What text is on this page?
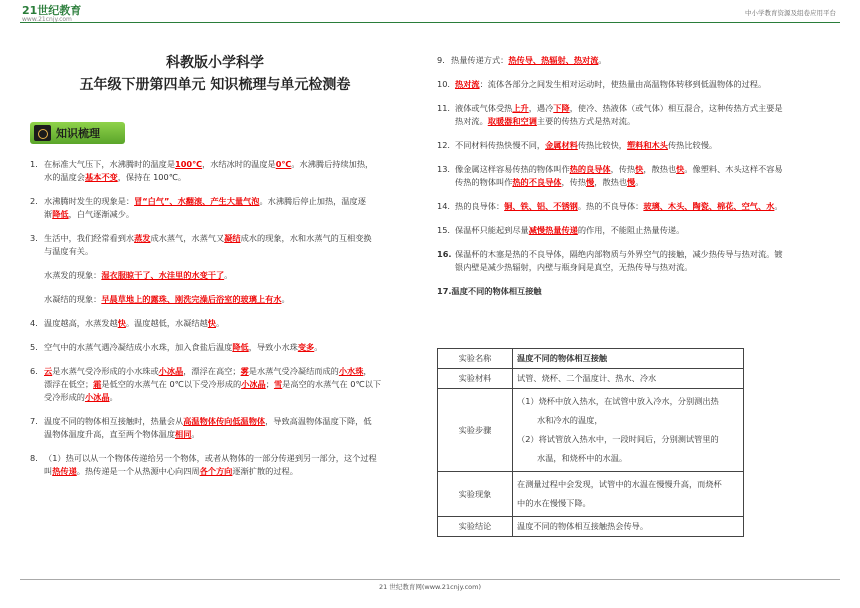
21世纪教育
www.21cnjy.com
中小学教育资源及组卷应用平台
科教版小学科学
五年级下册第四单元 知识梳理与单元检测卷
知识梳理

1. 在标准大气压下，水沸腾时的温度是100℃，水结冰时的温度是0℃。水沸腾后持续加热，

水的温度会基本不变，保持在 100℃。

2. 水沸腾时发生的现象是：冒“白气”、水翻滚、产生大量气泡。水沸腾后停止加热，温度逐

渐降低，白气逐渐减少。

3. 生活中，我们经常看到水蒸发成水蒸气，水蒸气又凝结成水的现象，水和水蒸气的互相变换

与温度有关。

水蒸发的现象：湿衣服晾干了、水洼里的水变干了。

水凝结的现象：早晨草地上的露珠、刚洗完澡后浴室的玻璃上有水。

4. 温度越高，水蒸发越快。温度越低，水凝结越快。

5. 空气中的水蒸气遇冷凝结成小水珠，加入食盐后温度降低，导致小水珠变多。

6. 云是水蒸气受冷形成的小水珠或小冰晶，漂浮在高空；雾是水蒸气受冷凝结而成的小水珠，

漂浮在低空；霜是低空的水蒸气在 0℃以下受冷形成的小冰晶；雪是高空的水蒸气在 0℃以下

受冷形成的小冰晶。

7. 温度不同的物体相互接触时，热量会从高温物体传向低温物体，导致高温物体温度下降，低

温物体温度升高，直至两个物体温度相同。

8. （1）热可以从一个物体传递给另一个物体，或者从物体的一部分传递到另一部分，这个过程

叫热传递。热传递是一个从热源中心向四周各个方向逐渐扩散的过程。

9. 热量传递方式：热传导、热辐射、热对流。

10. 热对流：流体各部分之间发生相对运动时，使热量由高温物体转移到低温物体的过程。

11. 液体或气体受热上升，遇冷下降，使冷、热液体（或气体）相互混合，这种传热方式主要是

热对流。取暖器和空调主要的传热方式是热对流。

12. 不同材料传热快慢不同，金属材料传热比较快，塑料和木头传热比较慢。

13. 像金属这样容易传热的物体叫作热的良导体，传热快，散热也快。像塑料、木头这样不容易

传热的物体叫作热的不良导体，传热慢，散热也慢。

14. 热的良导体：铜、铁、铝、不锈钢。热的不良导体：玻璃、木头、陶瓷、棉花、空气、水。

15. 保温杯只能起到尽量减慢热量传递的作用，不能阻止热量传递。

16. 保温杯的木塞是热的不良导体，隔绝内部物质与外界空气的接触，减少热传导与热对流。镀

银内壁是减少热辐射，内壁与瓶身间是真空，无热传导与热对流。

17.温度不同的物体相互接触

实验名称	温度不同的物体相互接触
实验材料	试管、烧杯、二个温度计、热水、冷水
实验步骤	（1）烧杯中放入热水，在试管中放入冷水，分别测出热
水和冷水的温度，
（2）将试管放入热水中，一段时间后，分别测试管里的
水温，和烧杯中的水温。

实验现象	在测量过程中会发现，试管中的水温在慢慢升高，而烧杯
中的水在慢慢下降。

实验结论	温度不同的物体相互接触热会传导。
21 世纪教育网(www.21cnjy.com)
